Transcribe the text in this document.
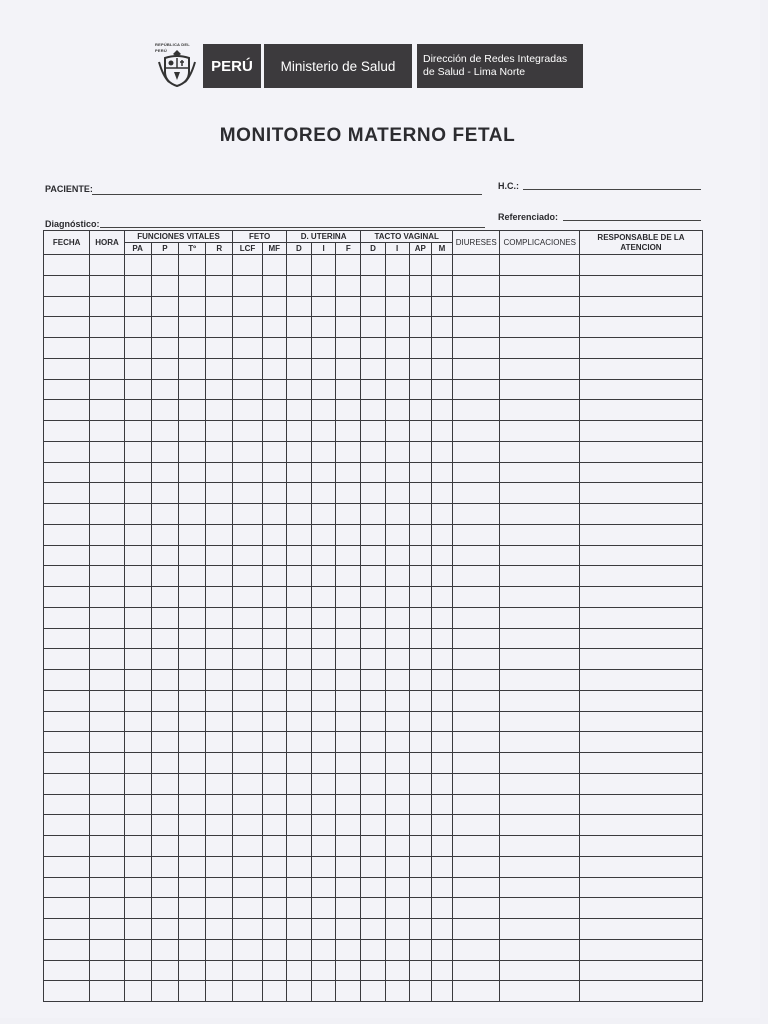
REPÚBLICA DEL PERÚ
PERÚ	Ministerio de Salud	Dirección de Redes Integradas
de Salud - Lima Norte
MONITOREO MATERNO FETAL
PACIENTE:	H.C.:
Diagnóstico:
Referenciado:
FECHA	HORA	FUNCIONES VITALES				FETO		D. UTERINA			TACTO VAGINAL				DIURESES	COMPLICACIONES	RESPONSABLE DE LA ATENCION
		PA	P	Tº	R	LCF	MF	D	I	F	D	I	AP	M			
